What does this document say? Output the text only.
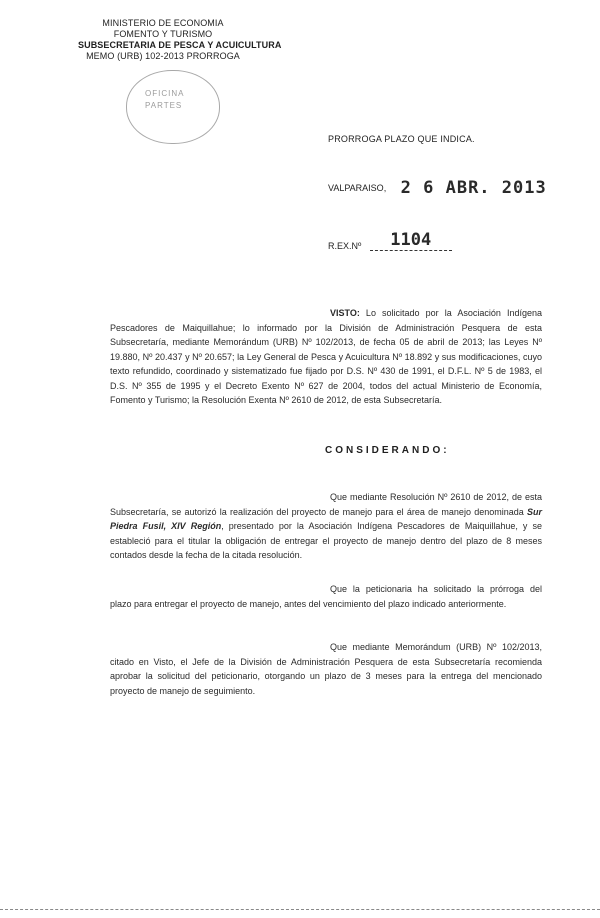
MINISTERIO DE ECONOMIA
FOMENTO Y TURISMO
SUBSECRETARIA DE PESCA Y ACUICULTURA
MEMO (URB) 102-2013 PRORROGA
OFICINA
PARTES
PRORROGA PLAZO QUE INDICA.
VALPARAISO, 2 6 ABR. 2013
R.EX.Nº 1104
VISTO: Lo solicitado por la Asociación Indígena Pescadores de Maiquillahue; lo informado por la División de Administración Pesquera de esta Subsecretaría, mediante Memorándum (URB) Nº 102/2013, de fecha 05 de abril de 2013; las Leyes Nº 19.880, Nº 20.437 y Nº 20.657; la Ley General de Pesca y Acuicultura Nº 18.892 y sus modificaciones, cuyo texto refundido, coordinado y sistematizado fue fijado por D.S. Nº 430 de 1991, el D.F.L. Nº 5 de 1983, el D.S. Nº 355 de 1995 y el Decreto Exento Nº 627 de 2004, todos del actual Ministerio de Economía, Fomento y Turismo; la Resolución Exenta Nº 2610 de 2012, de esta Subsecretaría.
CONSIDERANDO:
Que mediante Resolución Nº 2610 de 2012, de esta Subsecretaría, se autorizó la realización del proyecto de manejo para el área de manejo denominada Sur Piedra Fusil, XIV Región, presentado por la Asociación Indígena Pescadores de Maiquillahue, y se estableció para el titular la obligación de entregar el proyecto de manejo dentro del plazo de 8 meses contados desde la fecha de la citada resolución.
Que la peticionaria ha solicitado la prórroga del plazo para entregar el proyecto de manejo, antes del vencimiento del plazo indicado anteriormente.
Que mediante Memorándum (URB) Nº 102/2013, citado en Visto, el Jefe de la División de Administración Pesquera de esta Subsecretaría recomienda aprobar la solicitud del peticionario, otorgando un plazo de 3 meses para la entrega del mencionado proyecto de manejo de seguimiento.
